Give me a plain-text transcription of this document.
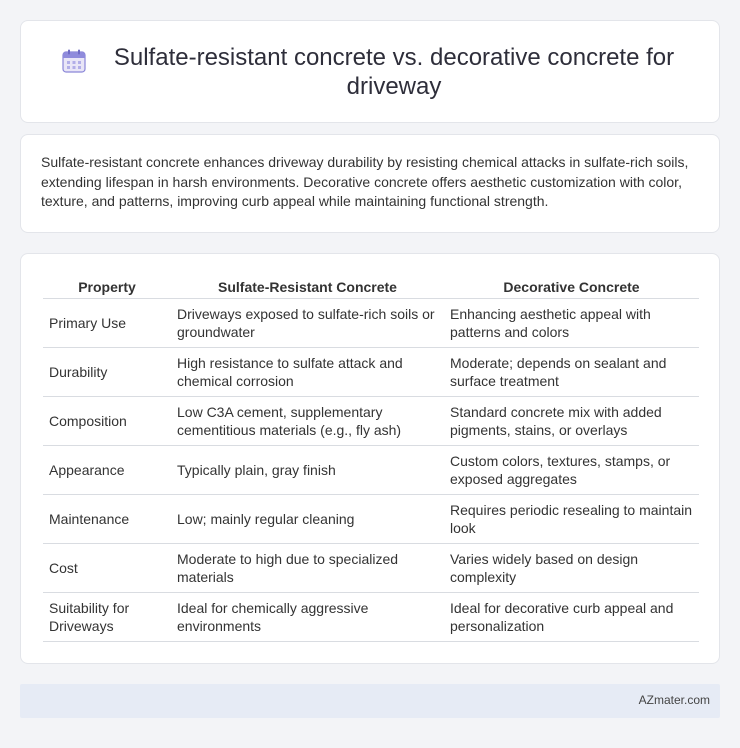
Sulfate-resistant concrete vs. decorative concrete for driveway

Sulfate-resistant concrete enhances driveway durability by resisting chemical attacks in sulfate-rich soils, extending lifespan in harsh environments. Decorative concrete offers aesthetic customization with color, texture, and patterns, improving curb appeal while maintaining functional strength.

Property	Sulfate-Resistant Concrete	Decorative Concrete
Primary Use	Driveways exposed to sulfate-rich soils or groundwater	Enhancing aesthetic appeal with patterns and colors
Durability	High resistance to sulfate attack and chemical corrosion	Moderate; depends on sealant and surface treatment
Composition	Low C3A cement, supplementary cementitious materials (e.g., fly ash)	Standard concrete mix with added pigments, stains, or overlays
Appearance	Typically plain, gray finish	Custom colors, textures, stamps, or exposed aggregates
Maintenance	Low; mainly regular cleaning	Requires periodic resealing to maintain look
Cost	Moderate to high due to specialized materials	Varies widely based on design complexity
Suitability for Driveways	Ideal for chemically aggressive environments	Ideal for decorative curb appeal and personalization
AZmater.com
